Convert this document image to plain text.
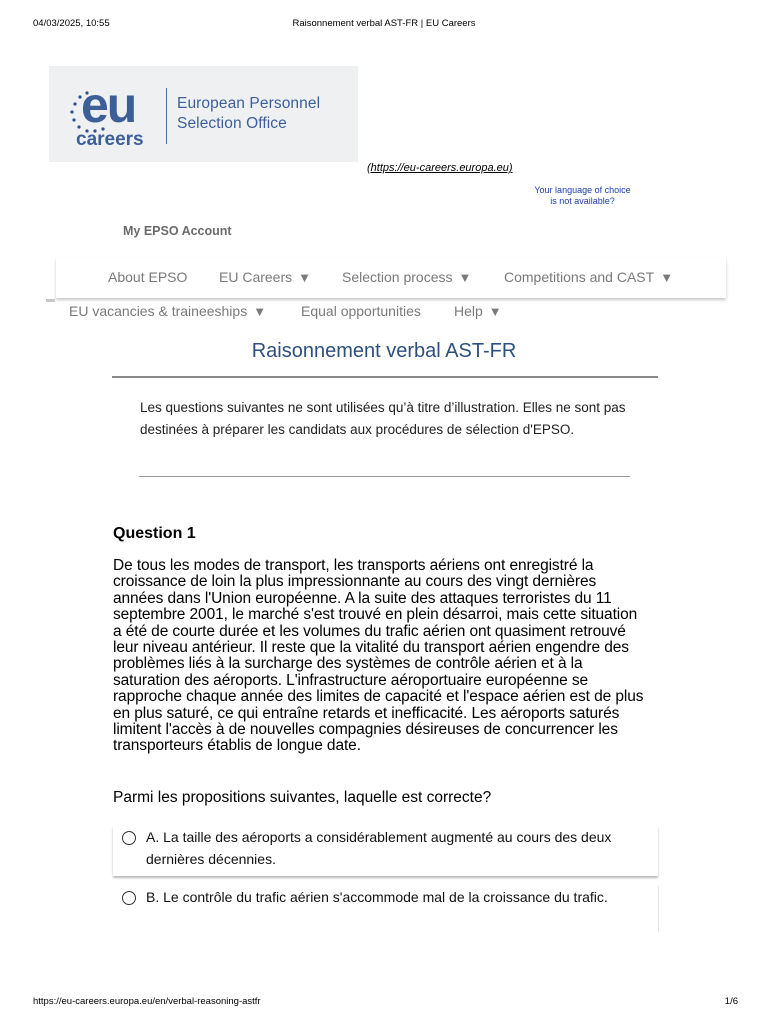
04/03/2025, 10:55	Raisonnement verbal AST-FR | EU Careers
eu
careers
European Personnel
Selection Office
(https://eu-careers.europa.eu)
Your language of choice
is not available?
My EPSO Account
About EPSO EU Careers ▼ Selection process ▼ Competitions and CAST ▼
EU vacancies & traineeships ▼ Equal opportunities Help ▼
Raisonnement verbal AST-FR

Les questions suivantes ne sont utilisées qu’à titre d’illustration. Elles ne sont pas destinées à préparer les candidats aux procédures de sélection d'EPSO.

Question 1

De tous les modes de transport, les transports aériens ont enregistré la croissance de loin la plus impressionnante au cours des vingt dernières années dans l'Union européenne. A la suite des attaques terroristes du 11 septembre 2001, le marché s'est trouvé en plein désarroi, mais cette situation a été de courte durée et les volumes du trafic aérien ont quasiment retrouvé leur niveau antérieur. Il reste que la vitalité du transport aérien engendre des problèmes liés à la surcharge des systèmes de contrôle aérien et à la saturation des aéroports. L'infrastructure aéroportuaire européenne se rapproche chaque année des limites de capacité et l'espace aérien est de plus en plus saturé, ce qui entraîne retards et inefficacité. Les aéroports saturés limitent l'accès à de nouvelles compagnies désireuses de concurrencer les transporteurs établis de longue date.

Parmi les propositions suivantes, laquelle est correcte?

A. La taille des aéroports a considérablement augmenté au cours des deux dernières décennies.
B. Le contrôle du trafic aérien s'accommode mal de la croissance du trafic.
https://eu-careers.europa.eu/en/verbal-reasoning-astfr	1/6
